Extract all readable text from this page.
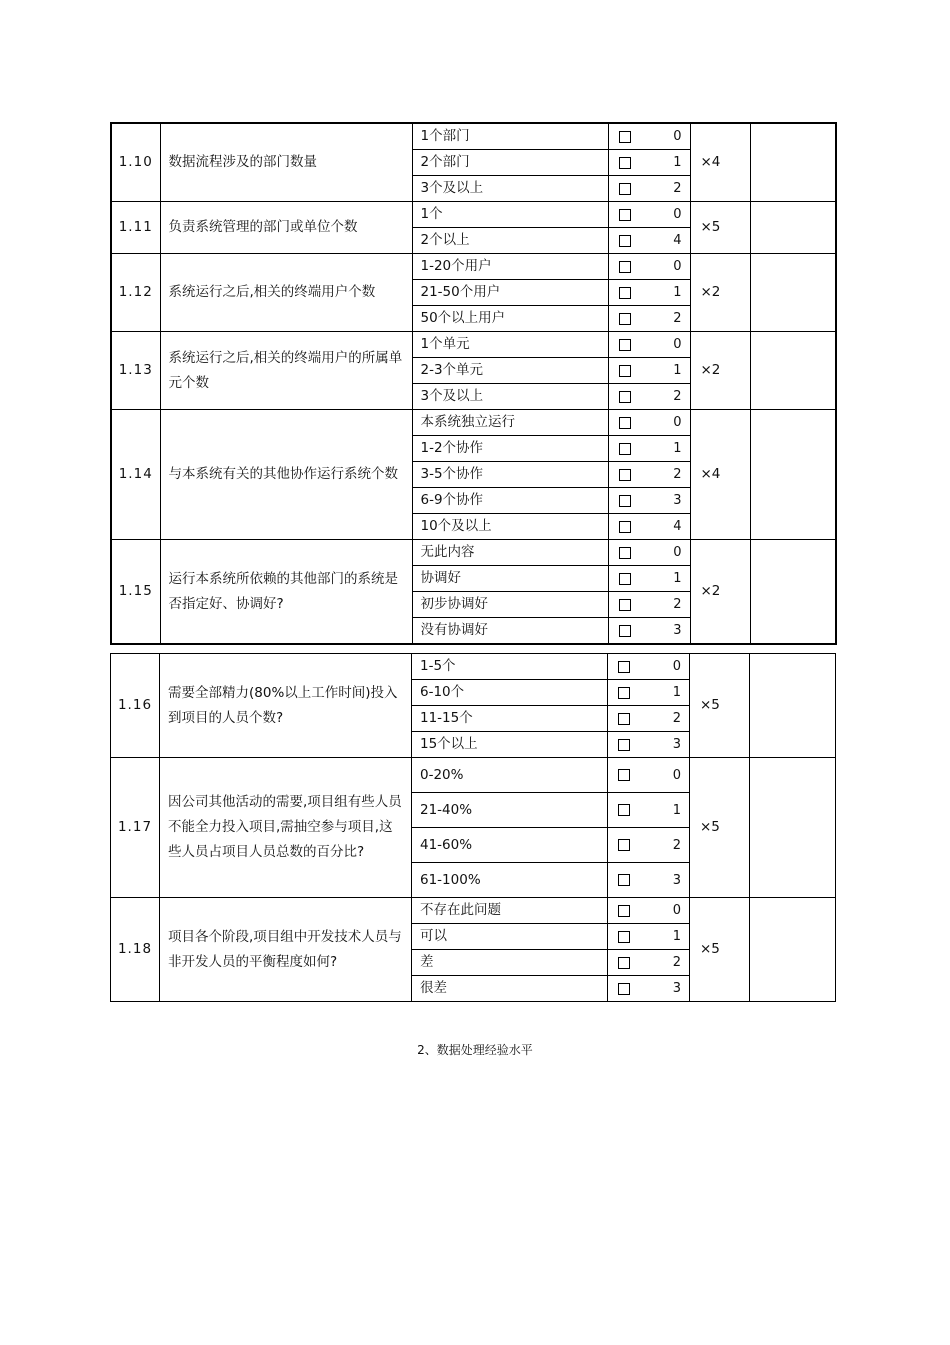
1.10	数据流程涉及的部门数量	1个部门	0	×4	
		2个部门	1		

		3个及以上	2		

1.11	负责系统管理的部门或单位个数	1个	0	×5	
		2个以上	4		

1.12	系统运行之后,相关的终端用户个数	1-20个用户	0	×2	
		21-50个用户	1		

		50个以上用户	2		

1.13	系统运行之后,相关的终端用户的所属单元个数	1个单元	0	×2	
		2-3个单元	1		

		3个及以上	2		

1.14	与本系统有关的其他协作运行系统个数	本系统独立运行	0	×4	
		1-2个协作	1		

		3-5个协作	2		

		6-9个协作	3		

		10个及以上	4		

1.15	运行本系统所依赖的其他部门的系统是否指定好、协调好?	无此内容	0	×2	
		协调好	1		

		初步协调好	2		

		没有协调好	3		
1.16	需要全部精力(80%以上工作时间)投入到项目的人员个数?	1-5个	0	×5	
		6-10个	1		

		11-15个	2		

		15个以上	3		

1.17	因公司其他活动的需要,项目组有些人员不能全力投入项目,需抽空参与项目,这些人员占项目人员总数的百分比?	0-20%	0	×5	
		21-40%	1		

		41-60%	2		

		61-100%	3		

1.18	项目各个阶段,项目组中开发技术人员与非开发人员的平衡程度如何?	不存在此问题	0	×5	
		可以	1		

		差	2		

		很差	3		
2、数据处理经验水平
